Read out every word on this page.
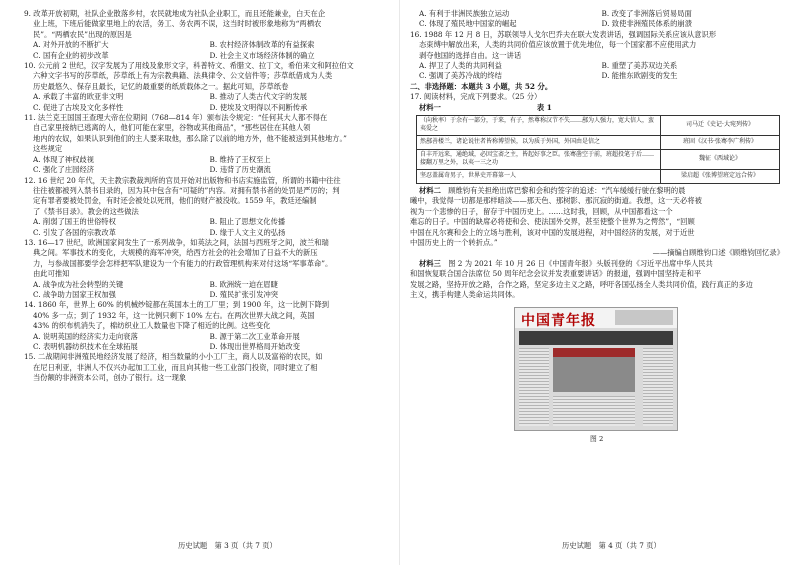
9. 改革开放初期，社队企业散落乡村，农民就地成为社队企业职工，而且还能兼业，白天在企

业上班，下班后能做家里地上的农活，务工、务农两不误，这当时时被形象地称为“两栖农

民”。“两栖农民”出现的原因是

A. 对外开放的不断扩大	B. 农村经济体制改革的有益探索
C. 国有企业的初步改革	D. 社会主义市场经济体制的确立

10. 公元前 2 世纪，汉字发展为了用线及象形文字，科普特文、希腊文、拉丁文，希伯来文和阿拉伯文

六种文字书写的莎草纸，莎草纸上有为宗教典籍、法典律令、公文信件等；莎草纸借成为人类

历史最悠久、保存且最长，记忆的最重要的纸质载体之一。据此可知，莎草纸卷

A. 承载了丰富的欧亚非文明	B. 推动了人类古代文字的发展
C. 促进了古埃及文化多样性	D. 使埃及文明得以不间断传承

11. 法兰克王国国王查理大帝在位期间（768—814 年）颁布法令规定：“任何其大人都不得在

自己家里接纳已逃离的人，他们可能在家里，谷物或其他商品”，“那些居住在其他人领

地内的农奴，如果认识到他们的主人要来取他，那么除了以前的地方外，他不能被送到其他地方。”

这些规定

A. 体现了神权歧视	B. 维持了王权至上
C. 强化了庄园经济	D. 违背了历史潮流

12. 16 世纪 20 年代，天主教宗教裁判所的官员开始对出版物和书店实施监管，所谓的书籍中往往

往往被都被列入禁书目录的，因为其中包含有“可疑的”内容。对拥有禁书者的处罚是严厉的；判

定有罪者要被处罚金，有时还会被处以死刑，他们的财产被没收。1559 年，教廷还编制

了《禁书目录》。教会的这些做法

A. 削弱了国王的世俗特权	B. 阻止了思想文化传播
C. 引发了各国的宗教改革	D. 缘于人文主义的弘扬

13. 16—17 世纪，欧洲国家间发生了一系列战争，如英法之间，法国与西班牙之间，波兰和瑞

典之间。军事技术的变化，大规模的海军冲突，给西方社会的社会增加了日益不大的新压

力，与参战国都要学会怎样把军队建设为一个有能力的行政管理机构来对付这场“军事革命”。

由此可推知

A. 战争成为社会转型的关键	B. 欧洲统一迫在眉睫
C. 战争助力国家王权加强	D. 殖民扩张引发冲突

14. 1860 年，世界上 60% 的机械纱锭都在英国本土的工厂里；到 1900 年，这一比例下降到

40% 多一点；到了 1932 年，这一比例只剩下 10% 左右。在两次世界大战之间，英国

43% 的织布机消失了，棉纺织业工人数量也下降了相近的比例。这些变化

A. 说明英国的经济实力走向衰落	B. 源于第二次工业革命开展
C. 表明机器纺织技术在全球拓展	D. 体现出世界格局开始改变

15. 二战期间非洲殖民地经济发展了经济，相当数量的小小工厂主，商人以及富裕的农民，如

在尼日利亚，非洲人不仅兴办起加工工业，而且向其他一些工业部门投资，同时建立了相

当份额的非洲资本公司，创办了银行。这一现象

历史试题　第 3 页（共 7 页）
A. 有利于非洲民族独立运动	B. 改变了非洲落后贸易局面
C. 体现了殖民地中国家的崛起	D. 致使非洲殖民体系的崩溃

16. 1988 年 12 月 8 日，苏联领导人戈尔巴乔夫在联大发表讲话，强调国际关系应该从意识形

态束缚中解放出来，人类的共同价值应该放置于优先地位，每一个国家都不应使用武力

剥夺他国的选择自由。这一讲话

A. 捍卫了人类的共同利益	B. 重塑了美苏双边关系
C. 强调了美苏冷战的终结	D. 能推东欧剧变的发生

二、非选择题：本题共 3 小题，共 52 分。

17. 阅读材料，完成下列要求。（25 分）

材料一	表 1
（向秋率）于余有一部分，于来，有子，然尊称汉节不失……鄯为人强力，宽大信人，蛮夷爱之	司马迁《史记·大宛列传》
然鄯善楼兰，诸论说往者皆称博望侯，以为质于外国，外国由是信之	班固《汉书·张骞李广利传》
自丰开远来，通绝域，必因宝斋之主，皆起好事之臣。张骞凿空于前，班超投笔于后……接翻万里之外，以夷一三之功	魏征《西域论》
坚忍盖属奇男子，世界史开幕第一人	梁启超《张博望班定远合传》

材料二　 顾维钧有关担绝出席巴黎和会和约签字的追述：“汽车缓缓行驶在黎明的晨

曦中，我觉得一切都是那样暗淡——那天色、那树影、那沉寂的街道。我想，这一天必将被

视为一个悲惨的日子，留存于中国历史上。……这时我，回顾，从中国都看这一个

难忘的日子。中国的缺席必将使和会、使法国外交界，甚至使整个世界为之愕然”，“回顾

中国在凡尔赛和会上的立场与胜利，该对中国的发展进程，对中国经济的发展，对于近世

中国历史上的一个转折点。”

——摘编自顾维钧口述《顾维钧回忆录》

材料三　 图 2 为 2021 年 10 月 26 日《中国青年报》头版刊登的《习近平出席中华人民共

和国恢复联合国合法席位 50 周年纪念会议并发表重要讲话》的报道，强调中国坚持走和平

发展之路，坚持开放之路，合作之路，坚定多边主义之路，呼吁各国弘扬全人类共同价值，践行真正的多边

主义，携手构建人类命运共同体。

中国青年报

图 2

历史试题　第 4 页（共 7 页）
